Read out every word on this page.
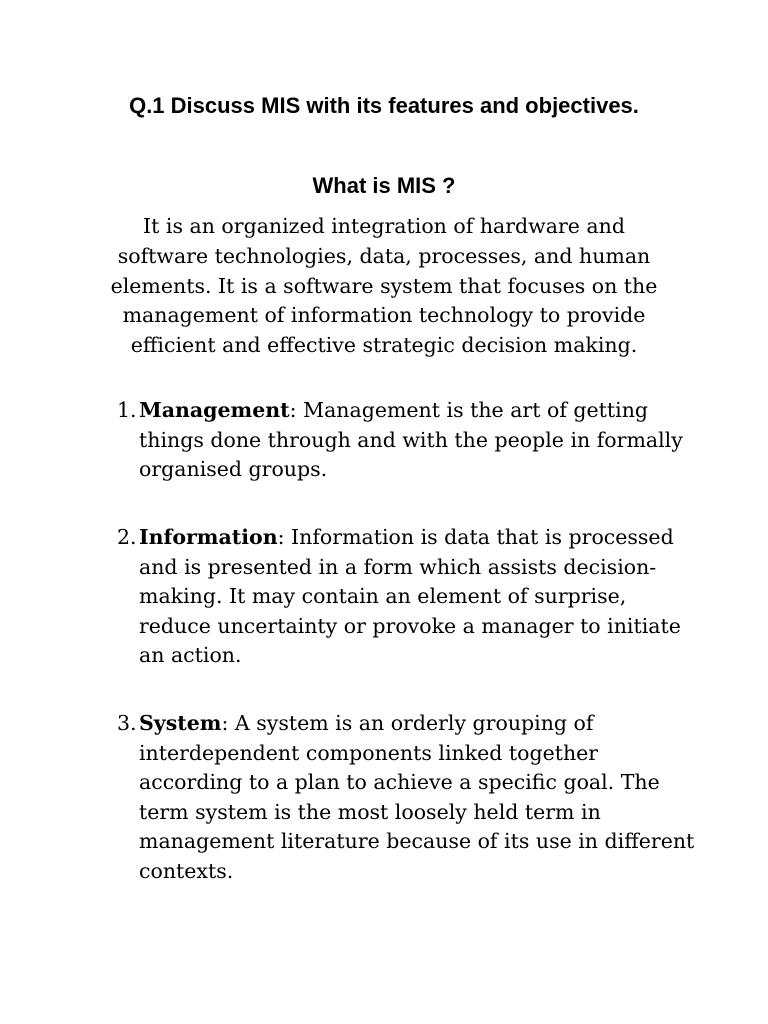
Q.1 Discuss MIS with its features and objectives.
What is MIS ?

It is an organized integration of hardware and software technologies, data, processes, and human elements. It is a software system that focuses on the management of information technology to provide efficient and effective strategic decision making.

1. Management: Management is the art of getting things done through and with the people in formally organised groups.

2. Information: Information is data that is processed and is presented in a form which assists decision-making. It may contain an element of surprise, reduce uncertainty or provoke a manager to initiate an action.

3. System: A system is an orderly grouping of interdependent components linked together according to a plan to achieve a specific goal. The term system is the most loosely held term in management literature because of its use in different contexts.
